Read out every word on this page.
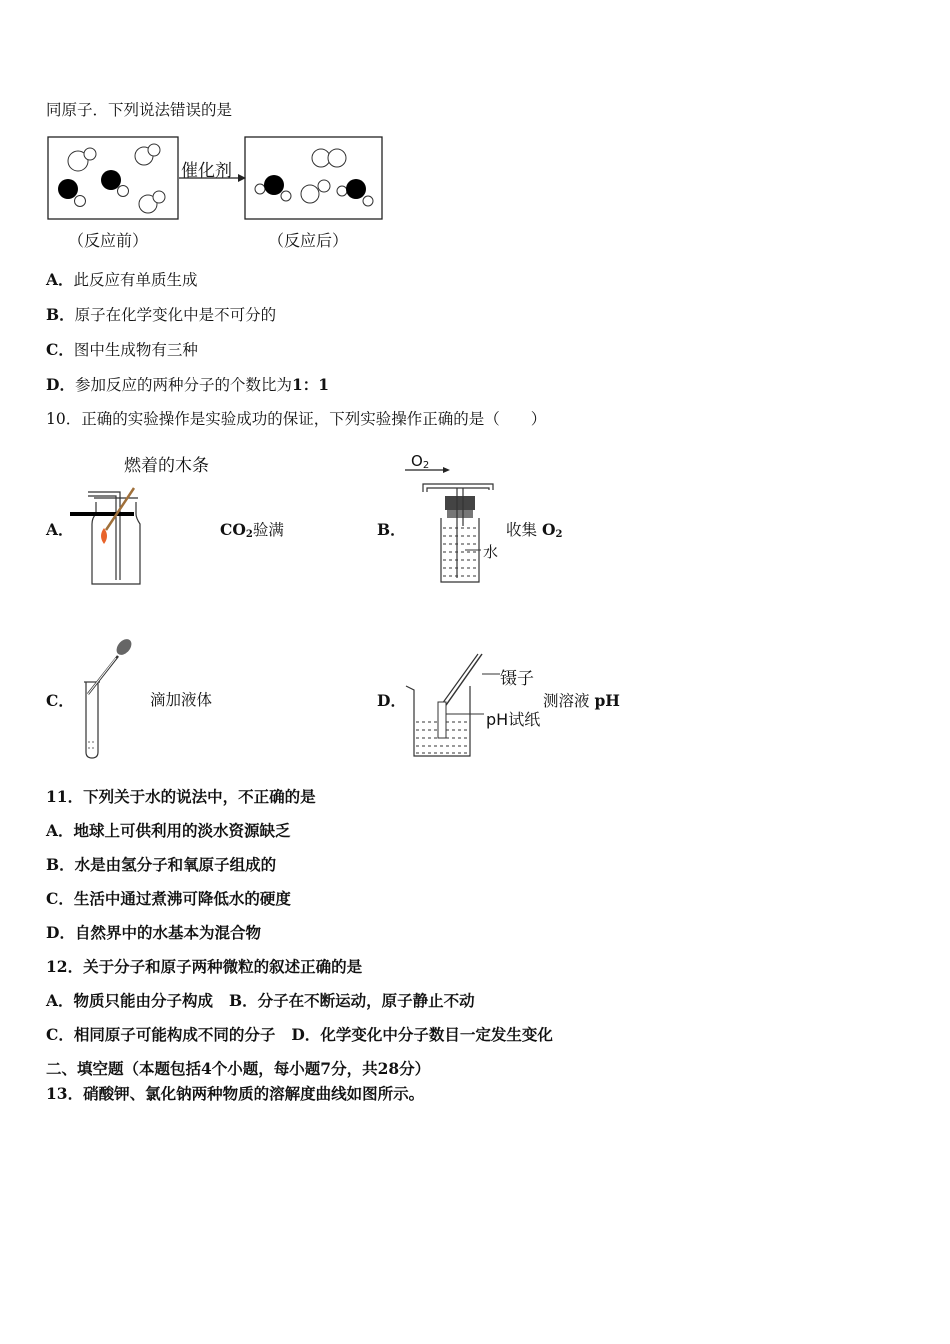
同原子．下列说法错误的是
催化剂
（反应前）	（反应后）
A．此反应有单质生成
B．原子在化学变化中是不可分的
C．图中生成物有三种
D．参加反应的两种分子的个数比为1：1
10．正确的实验操作是实验成功的保证，下列实验操作正确的是（　　）
A．
燃着的木条
$CO_2$验满	B．
$O_2$
水
收集 $O_2$
C．	滴加液体	D．
镊子
pH试纸
测溶液 pH
11．下列关于水的说法中，不正确的是
A．地球上可供利用的淡水资源缺乏
B．水是由氢分子和氧原子组成的
C．生活中通过煮沸可降低水的硬度
D．自然界中的水基本为混合物
12．关于分子和原子两种微粒的叙述正确的是
A．物质只能由分子构成 B．分子在不断运动，原子静止不动
C．相同原子可能构成不同的分子 D．化学变化中分子数目一定发生变化
二、填空题（本题包括4个小题，每小题7分，共28分）
13．硝酸钾、氯化钠两种物质的溶解度曲线如图所示。
